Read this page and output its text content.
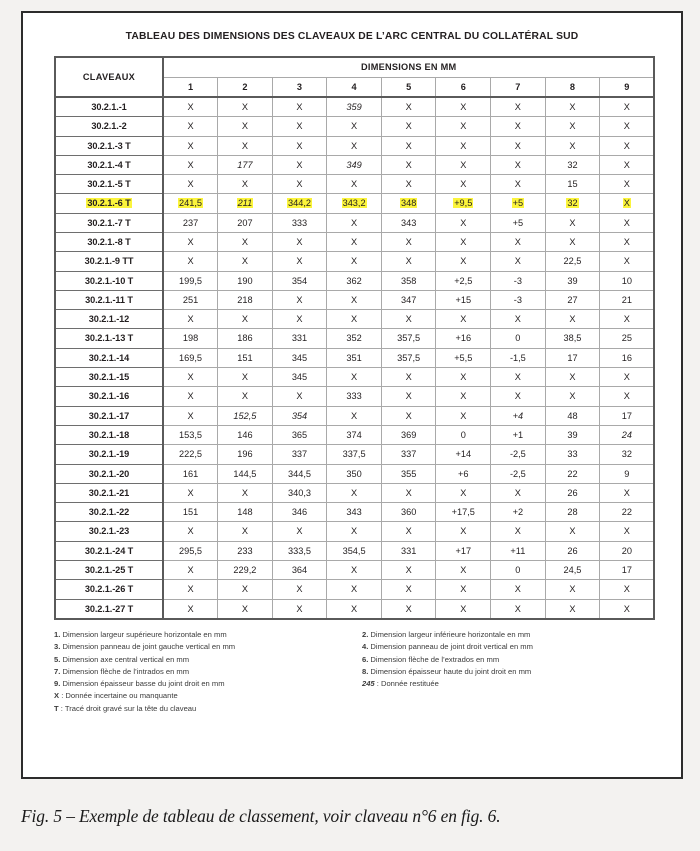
TABLEAU DES DIMENSIONS DES CLAVEAUX DE L’ARC CENTRAL DU COLLATÉRAL SUD
CLAVEAUX	DIMENSIONS EN MM								
	1	2	3	4	5	6	7	8	9
30.2.1.-1	X	X	X	359	X	X	X	X	X
30.2.1.-2	X	X	X	X	X	X	X	X	X
30.2.1.-3 T	X	X	X	X	X	X	X	X	X
30.2.1.-4 T	X	177	X	349	X	X	X	32	X
30.2.1.-5 T	X	X	X	X	X	X	X	15	X
30.2.1.-6 T	241,5	211	344,2	343,2	348	+9,5	+5	32	X
30.2.1.-7 T	237	207	333	X	343	X	+5	X	X
30.2.1.-8 T	X	X	X	X	X	X	X	X	X
30.2.1.-9 TT	X	X	X	X	X	X	X	22,5	X
30.2.1.-10 T	199,5	190	354	362	358	+2,5	-3	39	10
30.2.1.-11 T	251	218	X	X	347	+15	-3	27	21
30.2.1.-12	X	X	X	X	X	X	X	X	X
30.2.1.-13 T	198	186	331	352	357,5	+16	0	38,5	25
30.2.1.-14	169,5	151	345	351	357,5	+5,5	-1,5	17	16
30.2.1.-15	X	X	345	X	X	X	X	X	X
30.2.1.-16	X	X	X	333	X	X	X	X	X
30.2.1.-17	X	152,5	354	X	X	X	+4	48	17
30.2.1.-18	153,5	146	365	374	369	0	+1	39	24
30.2.1.-19	222,5	196	337	337,5	337	+14	-2,5	33	32
30.2.1.-20	161	144,5	344,5	350	355	+6	-2,5	22	9
30.2.1.-21	X	X	340,3	X	X	X	X	26	X
30.2.1.-22	151	148	346	343	360	+17,5	+2	28	22
30.2.1.-23	X	X	X	X	X	X	X	X	X
30.2.1.-24 T	295,5	233	333,5	354,5	331	+17	+11	26	20
30.2.1.-25 T	X	229,2	364	X	X	X	0	24,5	17
30.2.1.-26 T	X	X	X	X	X	X	X	X	X
30.2.1.-27 T	X	X	X	X	X	X	X	X	X
1. Dimension largeur supérieure horizontale en mm
3. Dimension panneau de joint gauche vertical en mm
5. Dimension axe central vertical en mm
7. Dimension flèche de l’intrados en mm
9. Dimension épaisseur basse du joint droit en mm
X : Donnée incertaine ou manquante
T : Tracé droit gravé sur la tête du claveau
2. Dimension largeur inférieure horizontale en mm
4. Dimension panneau de joint droit vertical en mm
6. Dimension flèche de l’extrados en mm
8. Dimension épaisseur haute du joint droit en mm
245 : Donnée restituée
Fig. 5 – Exemple de tableau de classement, voir claveau n°6 en fig. 6.
